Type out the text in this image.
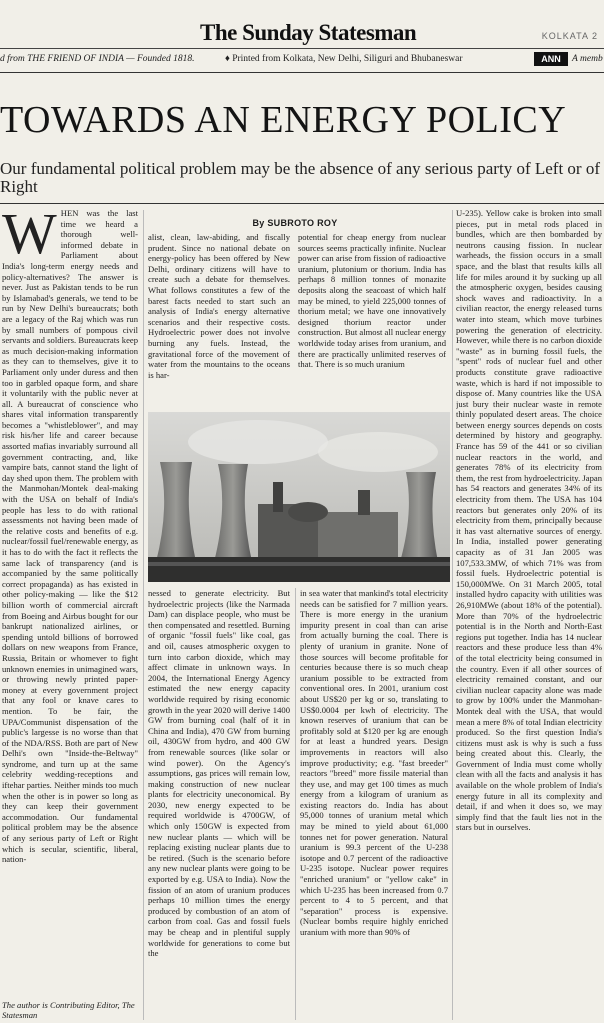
The Sunday Statesman	KOLKATA 2
d from THE FRIEND OF INDIA — Founded 1818.	♦ Printed from Kolkata, New Delhi, Siliguri and Bhubaneswar	A memb
ANN
TOWARDS AN ENERGY POLICY
Our fundamental political problem may be the absence of any serious party of Left or of Right
W HEN was the last time we heard a thorough well-informed debate in Parliament about India's long-term energy needs and policy-alternatives? The answer is never. Just as Pakistan tends to be run by Islamabad's generals, we tend to be run by New Delhi's bureaucrats; both are a legacy of the Raj which was run by small numbers of pompous civil servants and soldiers. Bureaucrats keep as much decision-making information as they can to themselves, give it to Parliament only under duress and then too in garbled opaque form, and share it voluntarily with the public never at all. A bureaucrat of conscience who shares vital information transparently becomes a "whistleblower", and may risk his/her life and career because assorted mafias invariably surround all government contracting, and, like vampire bats, cannot stand the light of day shed upon them. The problem with the Manmohan/Montek deal-making with the USA on behalf of India's people has less to do with rational assessments not having been made of the relative costs and benefits of e.g. nuclear/fossil fuel/renewable energy, as it has to do with the fact it reflects the same lack of transparency (and is accompanied by the same politically correct propaganda) as has existed in other policy-making — like the $12 billion worth of commercial aircraft from Boeing and Airbus bought for our bankrupt nationalized airlines, or spending untold billions of borrowed dollars on new weapons from France, Russia, Britain or whomever to fight unknown enemies in unimagined wars, or throwing newly printed paper-money at every government project that any fool or knave cares to mention. To be fair, the UPA/Communist dispensation of the public's largesse is no worse than that of the NDA/RSS. Both are part of New Delhi's own "Inside-the-Beltway" syndrome, and turn up at the same celebrity wedding-receptions and iftehar parties. Neither minds too much when the other is in power so long as they can keep their government accommodation. Our fundamental political problem may be the absence of any serious party of Left or Right which is secular, scientific, liberal, nation-
By SUBROTO ROY
alist, clean, law-abiding, and fiscally prudent. Since no national debate on energy-policy has been offered by New Delhi, ordinary citizens will have to create such a debate for themselves. What follows constitutes a few of the barest facts needed to start such an analysis of India's energy alternative scenarios and their respective costs. Hydroelectric power does not involve burning any fuels. Instead, the gravitational force of the movement of water from the mountains to the oceans is har-
potential for cheap energy from nuclear sources seems practically infinite. Nuclear power can arise from fission of radioactive uranium, plutonium or thorium. India has perhaps 8 million tonnes of monazite deposits along the seacoast of which half may be mined, to yield 225,000 tonnes of thorium metal; we have one innovatively designed thorium reactor under construction. But almost all nuclear energy worldwide today arises from uranium, and there are practically unlimited reserves of that. There is so much uranium
U-235). Yellow cake is broken into small pieces, put in metal rods placed in bundles, which are then bombarded by neutrons causing fission. In nuclear warheads, the fission occurs in a small space, and the blast that results kills all life for miles around it by sucking up all the atmospheric oxygen, besides causing shock waves and radioactivity. In a civilian reactor, the energy released turns water into steam, which move turbines powering the generation of electricity. However, while there is no carbon dioxide "waste" as in burning fossil fuels, the "spent" rods of nuclear fuel and other products constitute grave radioactive waste, which is hard if not impossible to dispose of. Many countries like the USA just bury their nuclear waste in remote thinly populated desert areas. The choice between energy sources depends on costs determined by history and geography. France has 59 of the 441 or so civilian nuclear reactors in the world, and generates 78% of its electricity from them, the rest from hydroelectricity. Japan has 54 reactors and generates 34% of its electricity from them. The USA has 104 reactors but generates only 20% of its electricity from them, principally because it has vast alternative sources of energy. In India, installed power generating capacity as of 31 Jan 2005 was 107,533.3MW, of which 71% was from fossil fuels. Hydroelectric potential is 150,000MWe. On 31 March 2005, total installed hydro capacity with utilities was 26,910MWe (about 18% of the potential). More than 70% of the hydroelectric potential is in the North and North-East regions put together. India has 14 nuclear reactors and these produce less than 4% of the total electricity being consumed in the country. Even if all other sources of electricity remained constant, and our civilian nuclear capacity alone was made to grow by 100% under the Manmohan-Montek deal with the USA, that would mean a mere 8% of total Indian electricity produced. So the first question India's citizens must ask is why is such a fuss being created about this. Clearly, the Government of India must come wholly clean with all the facts and analysis it has available on the whole problem of India's energy future in all its complexity and detail, if and when it does so, we may simply find that the fault lies not in the stars but in ourselves.
nessed to generate electricity. But hydroelectric projects (like the Narmada Dam) can displace people, who must be then compensated and resettled. Burning of organic "fossil fuels" like coal, gas and oil, causes atmospheric oxygen to turn into carbon dioxide, which may affect climate in unknown ways. In 2004, the International Energy Agency estimated the new energy capacity worldwide required by rising economic growth in the year 2020 will derive 1400 GW from burning coal (half of it in China and India), 470 GW from burning oil, 430GW from hydro, and 400 GW from renewable sources (like solar or wind power). On the Agency's assumptions, gas prices will remain low, making construction of new nuclear plants for electricity uneconomical. By 2030, new energy expected to be required worldwide is 4700GW, of which only 150GW is expected from new nuclear plants — which will be replacing existing nuclear plants due to be retired. (Such is the scenario before any new nuclear plants were going to be exported by e.g. USA to India). Now the fission of an atom of uranium produces perhaps 10 million times the energy produced by combustion of an atom of carbon from coal. Gas and fossil fuels may be cheap and in plentiful supply worldwide for generations to come but the
in sea water that mankind's total electricity needs can be satisfied for 7 million years. There is more energy in the uranium impurity present in coal than can arise from actually burning the coal. There is plenty of uranium in granite. None of those sources will become profitable for centuries because there is so much cheap uranium possible to be extracted from conventional ores. In 2001, uranium cost about US$20 per kg or so, translating to US$0.0004 per kwh of electricity. The known reserves of uranium that can be profitably sold at $120 per kg are enough for at least a hundred years. Design improvements in reactors will also improve productivity; e.g. "fast breeder" reactors "breed" more fissile material than they use, and may get 100 times as much energy from a kilogram of uranium as existing reactors do. India has about 95,000 tonnes of uranium metal which may be mined to yield about 61,000 tonnes net for power generation. Natural uranium is 99.3 percent of the U-238 isotope and 0.7 percent of the radioactive U-235 isotope. Nuclear power requires "enriched uranium" or "yellow cake" in which U-235 has been increased from 0.7 percent to 4 to 5 percent, and that "separation" process is expensive. (Nuclear bombs require highly enriched uranium with more than 90% of
The author is Contributing Editor, The Statesman
